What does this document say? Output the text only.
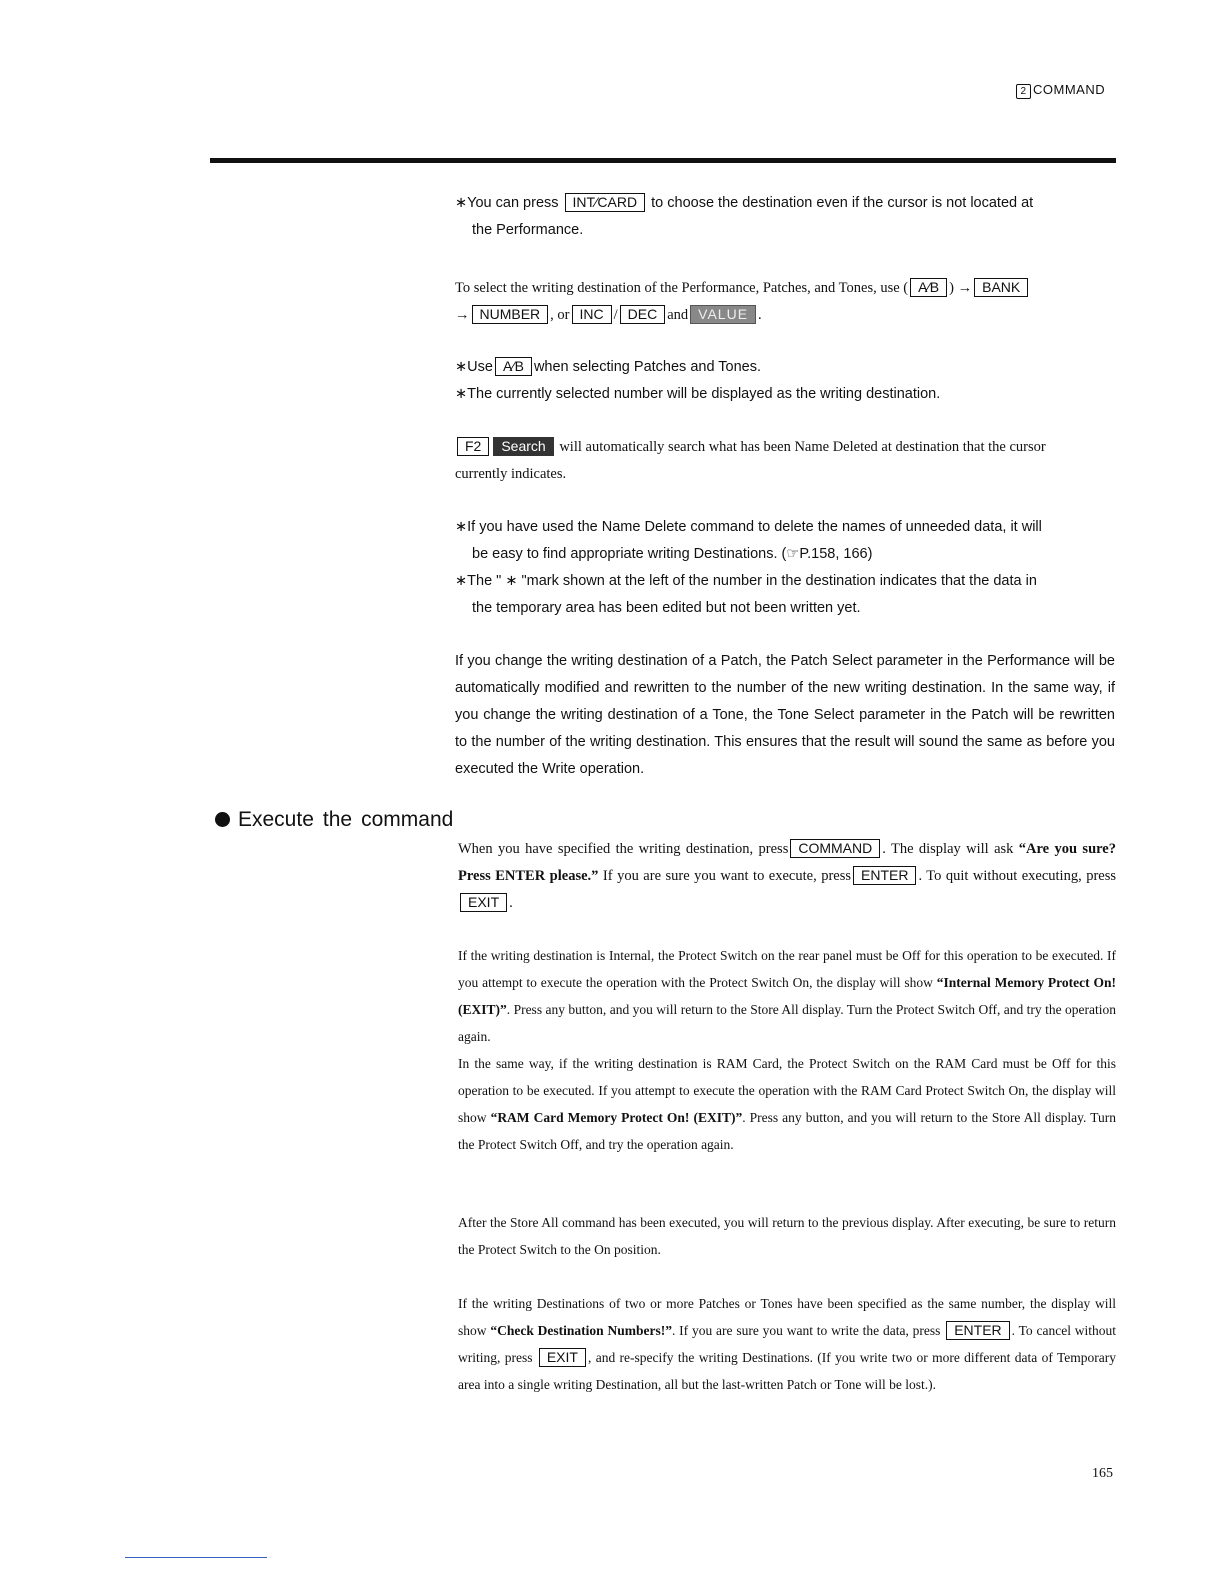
2 COMMAND

∗You can press INT⁄CARD to choose the destination even if the cursor is not located at
the Performance.

To select the writing destination of the Performance, Patches, and Tones, use ( A⁄B ) → BANK
→ NUMBER , or INC / DEC and VALUE .

∗Use A⁄B when selecting Patches and Tones.
∗The currently selected number will be displayed as the writing destination.

F2 Search will automatically search what has been Name Deleted at destination that the cursor
currently indicates.

∗If you have used the Name Delete command to delete the names of unneeded data, it will

be easy to find appropriate writing Destinations. (☞P.158, 166)
∗The " ∗ "mark shown at the left of the number in the destination indicates that the data in

the temporary area has been edited but not been written yet.

If you change the writing destination of a Patch, the Patch Select parameter in the Performance will be automatically modified and rewritten to the number of the new writing destination. In the same way, if you change the writing destination of a Tone, the Tone Select parameter in the Patch will be rewritten to the number of the writing destination. This ensures that the result will sound the same as before you executed the Write operation.

Execute the command

When you have specified the writing destination, press COMMAND . The display will ask “Are you sure? Press ENTER please.” If you are sure you want to execute, press ENTER . To quit without executing, pressEXIT .

If the writing destination is Internal, the Protect Switch on the rear panel must be Off for this operation to be executed. If you attempt to execute the operation with the Protect Switch On, the display will show “Internal Memory Protect On! (EXIT)”. Press any button, and you will return to the Store All display. Turn the Protect Switch Off, and try the operation again.
In the same way, if the writing destination is RAM Card, the Protect Switch on the RAM Card must be Off for this operation to be executed. If you attempt to execute the operation with the RAM Card Protect Switch On, the display will show “RAM Card Memory Protect On! (EXIT)”. Press any button, and you will return to the Store All display. Turn the Protect Switch Off, and try the operation again.

After the Store All command has been executed, you will return to the previous display. After executing, be sure to return the Protect Switch to the On position.

If the writing Destinations of two or more Patches or Tones have been specified as the same number, the display will show “Check Destination Numbers!”. If you are sure you want to write the data, press ENTER . To cancel without writing, press EXIT , and re-specify the writing Destinations. (If you write two or more different data of Temporary area into a single writing Destination, all but the last-written Patch or Tone will be lost.).

165
